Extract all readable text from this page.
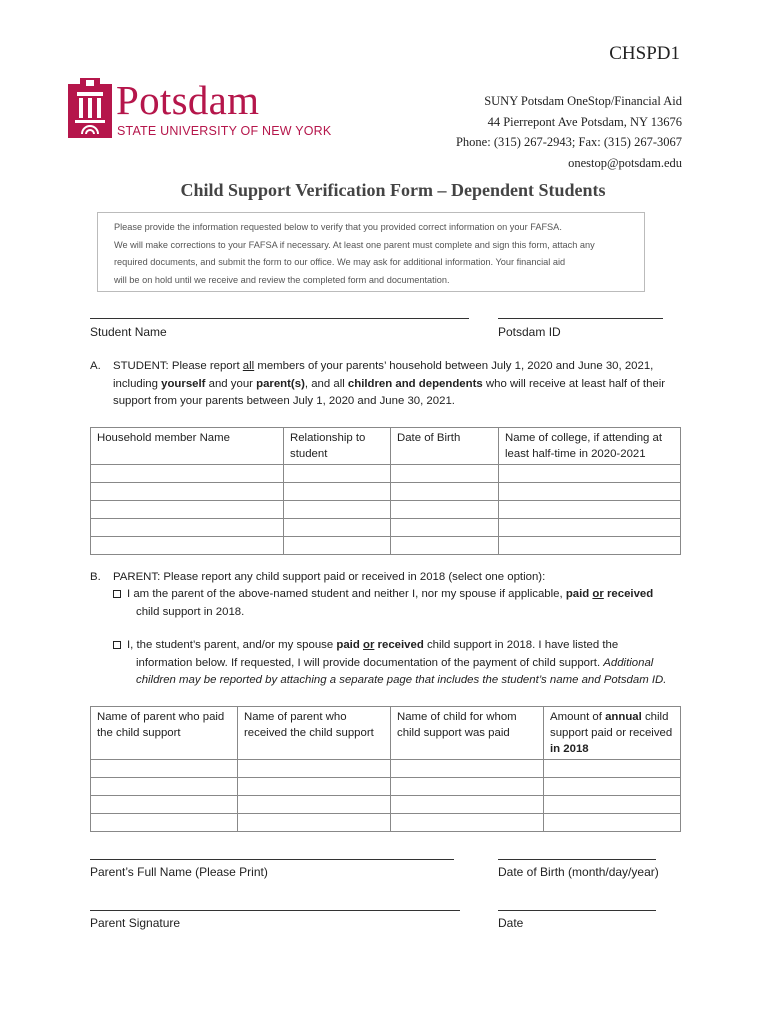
CHSPD1
Potsdam
STATE UNIVERSITY OF NEW YORK
SUNY Potsdam OneStop/Financial Aid
44 Pierrepont Ave Potsdam, NY 13676
Phone: (315) 267-2943; Fax: (315) 267-3067
onestop@potsdam.edu
Child Support Verification Form – Dependent Students
Please provide the information requested below to verify that you provided correct information on your FAFSA.
We will make corrections to your FAFSA if necessary. At least one parent must complete and sign this form, attach any
required documents, and submit the form to our office. We may ask for additional information. Your financial aid
will be on hold until we receive and review the completed form and documentation.
Student Name	Potsdam ID
A. STUDENT: Please report all members of your parents’ household between July 1, 2020 and June 30, 2021,
including yourself and your parent(s), and all children and dependents who will receive at least half of their
support from your parents between July 1, 2020 and June 30, 2021.
Household member Name	Relationship to student	Date of Birth	Name of college, if attending at least half-time in 2020-2021

B. PARENT: Please report any child support paid or received in 2018 (select one option):
I am the parent of the above-named student and neither I, nor my spouse if applicable, paid or received
child support in 2018.
I, the student’s parent, and/or my spouse paid or received child support in 2018. I have listed the
information below. If requested, I will provide documentation of the payment of child support. Additional
children may be reported by attaching a separate page that includes the student’s name and Potsdam ID.
Name of parent who paid the child support	Name of parent who received the child support	Name of child for whom child support was paid	Amount of annual child support paid or received in 2018

Parent’s Full Name (Please Print)	Date of Birth (month/day/year)
Parent Signature	Date
